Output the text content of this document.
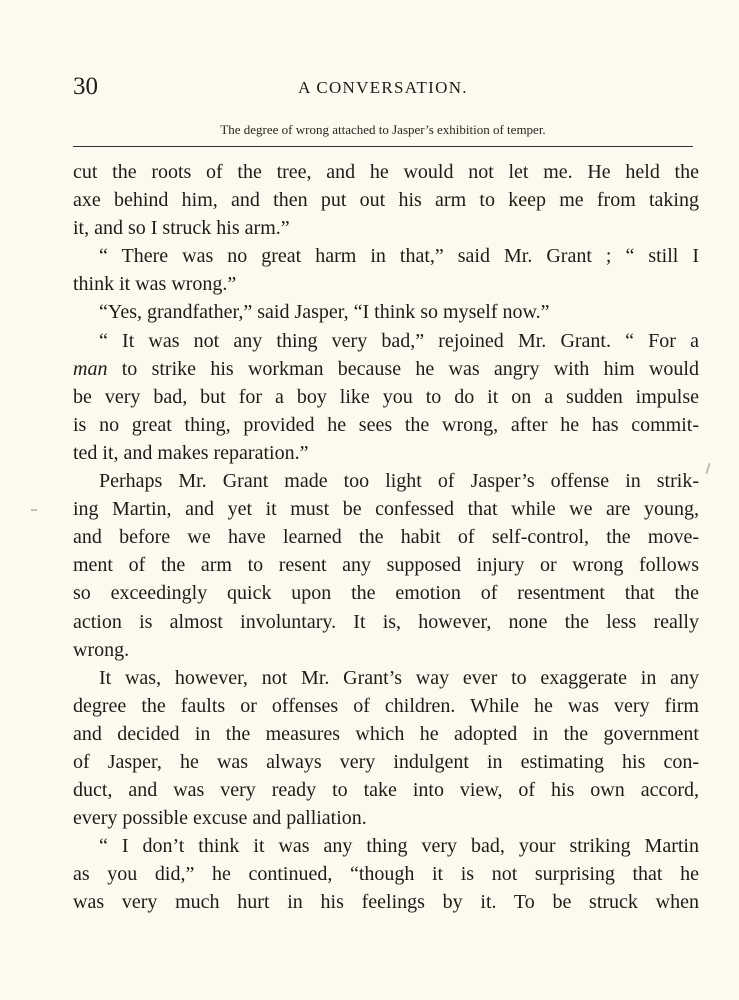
30	A CONVERSATION.
The degree of wrong attached to Jasper’s exhibition of temper.
cut the roots of the tree, and he would not let me. He held the
axe behind him, and then put out his arm to keep me from taking
it, and so I struck his arm.”
“ There was no great harm in that,” said Mr. Grant ; “ still I
think it was wrong.”
“Yes, grandfather,” said Jasper, “I think so myself now.”
“ It was not any thing very bad,” rejoined Mr. Grant. “ For a
man to strike his workman because he was angry with him would
be very bad, but for a boy like you to do it on a sudden impulse
is no great thing, provided he sees the wrong, after he has commit-
ted it, and makes reparation.”
Perhaps Mr. Grant made too light of Jasper’s offense in strik-
ing Martin, and yet it must be confessed that while we are young,
and before we have learned the habit of self-control, the move-
ment of the arm to resent any supposed injury or wrong follows
so exceedingly quick upon the emotion of resentment that the
action is almost involuntary. It is, however, none the less really
wrong.
It was, however, not Mr. Grant’s way ever to exaggerate in any
degree the faults or offenses of children. While he was very firm
and decided in the measures which he adopted in the government
of Jasper, he was always very indulgent in estimating his con-
duct, and was very ready to take into view, of his own accord,
every possible excuse and palliation.
“ I don’t think it was any thing very bad, your striking Martin
as you did,” he continued, “though it is not surprising that he
was very much hurt in his feelings by it. To be struck when
